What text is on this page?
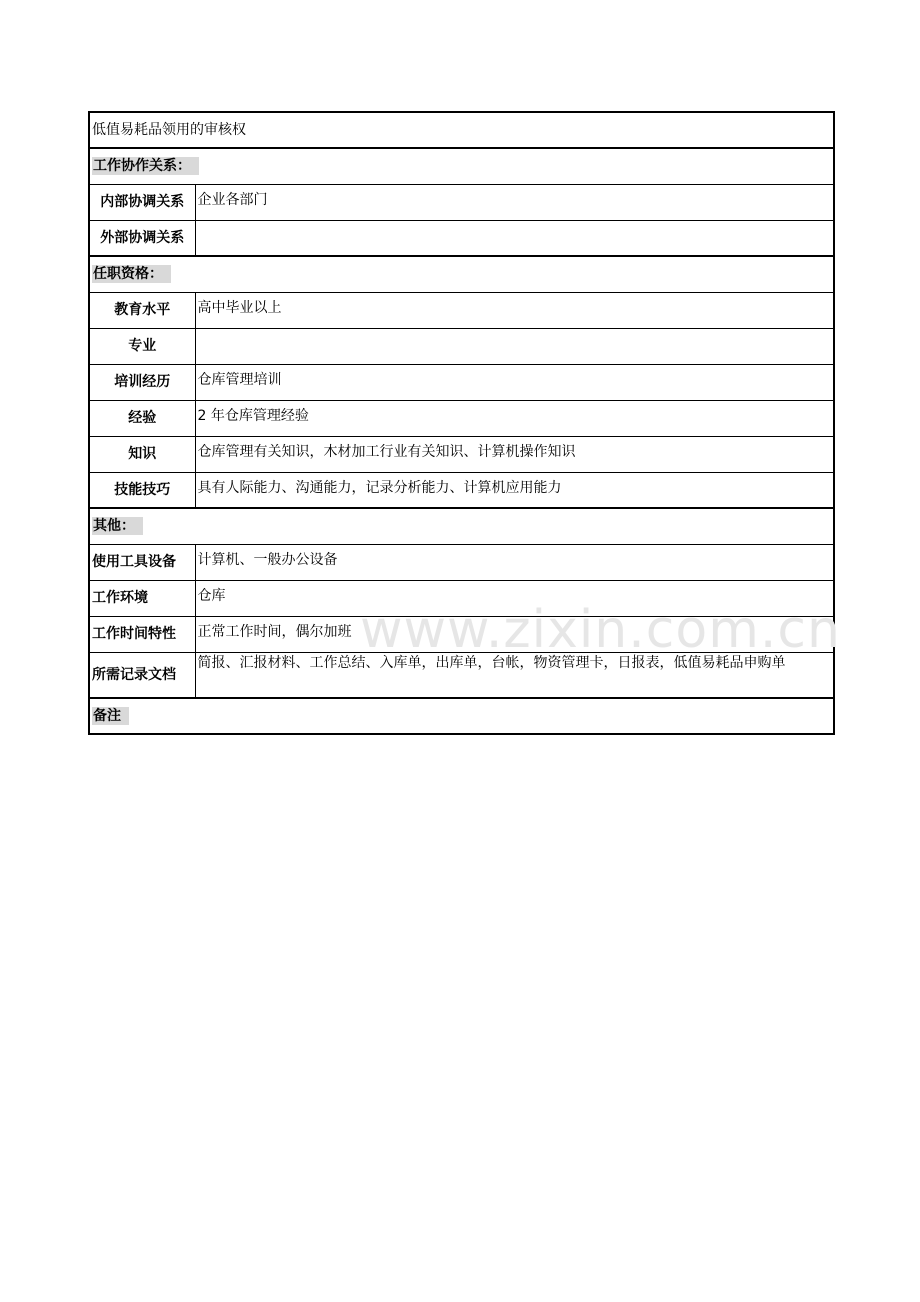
低值易耗品领用的审核权	
工作协作关系：	
内部协调关系	企业各部门
外部协调关系	
任职资格：	
教育水平	高中毕业以上
专业	
培训经历	仓库管理培训
经验	2 年仓库管理经验
知识	仓库管理有关知识，木材加工行业有关知识、计算机操作知识
技能技巧	具有人际能力、沟通能力，记录分析能力、计算机应用能力
其他：	
使用工具设备	计算机、一般办公设备
工作环境	仓库
工作时间特性	正常工作时间，偶尔加班
所需记录文档	简报、汇报材料、工作总结、入库单，出库单，台帐，物资管理卡，日报表，低值易耗品申购单
备注	
www.zixin.com.cn
